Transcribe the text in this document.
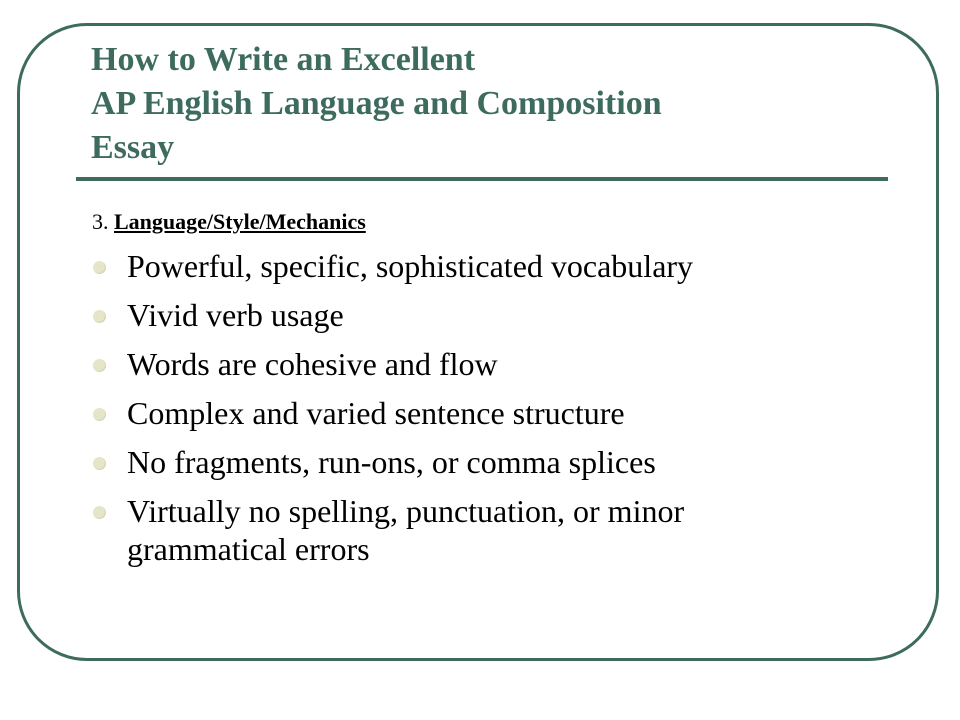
How to Write an Excellent
AP English Language and Composition
Essay
3. Language/Style/Mechanics
Powerful, specific, sophisticated vocabulary
Vivid verb usage
Words are cohesive and flow
Complex and varied sentence structure
No fragments, run-ons, or comma splices
Virtually no spelling, punctuation, or minor grammatical errors
